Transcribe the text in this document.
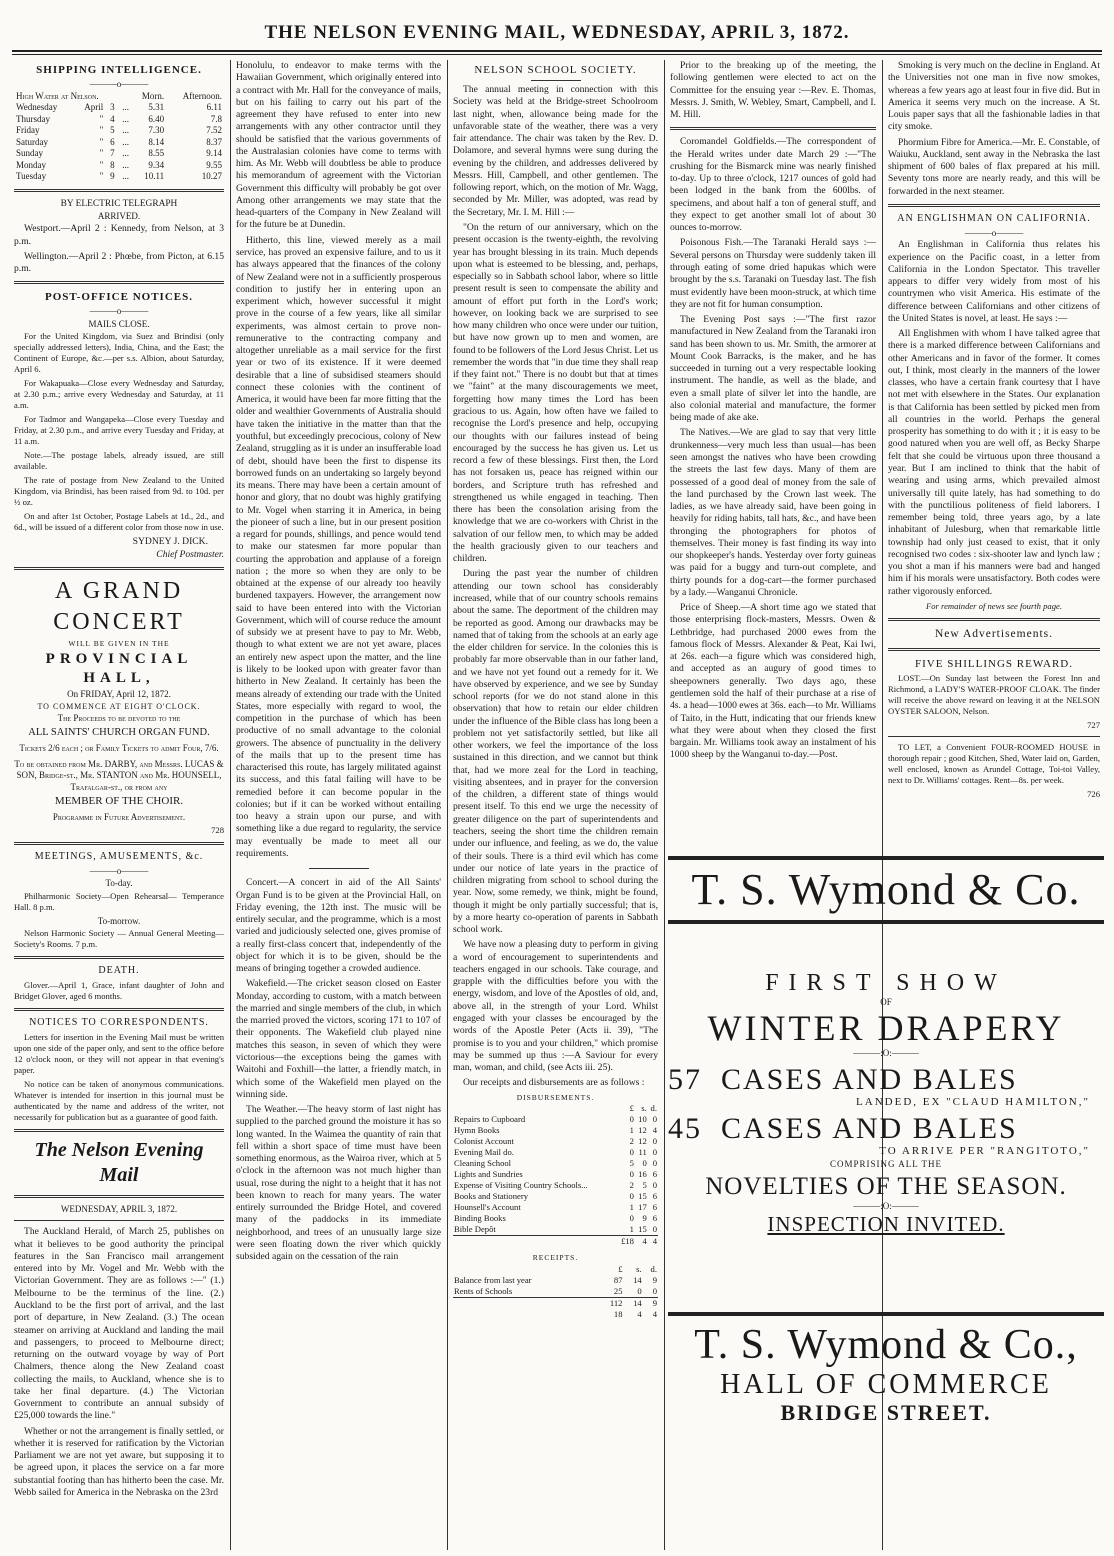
THE NELSON EVENING MAIL, WEDNESDAY, APRIL 3, 1872.
SHIPPING INTELLIGENCE.
———o———
High Water at Nelson.				Morn.	Afternoon.
Wednesday	April	3	...	5.31	6.11
Thursday	"	4	...	6.40	7.8
Friday	"	5	...	7.30	7.52
Saturday	"	6	...	8.14	8.37
Sunday	"	7	...	8.55	9.14
Monday	"	8	...	9.34	9.55
Tuesday	"	9	...	10.11	10.27
BY ELECTRIC TELEGRAPH
ARRIVED.

Westport.—April 2 : Kennedy, from Nelson, at 3 p.m.

Wellington.—April 2 : Phœbe, from Picton, at 6.15 p.m.

POST-OFFICE NOTICES.
———o———
MAILS CLOSE.

For the United Kingdom, via Suez and Brindisi (only specially addressed letters), India, China, and the East; the Continent of Europe, &c.—per s.s. Albion, about Saturday, April 6.

For Wakapuaka—Close every Wednesday and Saturday, at 2.30 p.m.; arrive every Wednesday and Saturday, at 11 a.m.

For Tadmor and Wangapeka—Close every Tuesday and Friday, at 2.30 p.m., and arrive every Tuesday and Friday, at 11 a.m.

Note.—The postage labels, already issued, are still available.

The rate of postage from New Zealand to the United Kingdom, via Brindisi, has been raised from 9d. to 10d. per ½ oz.

On and after 1st October, Postage Labels at 1d., 2d., and 6d., will be issued of a different color from those now in use.

SYDNEY J. DICK.
Chief Postmaster.
A GRAND CONCERT
WILL BE GIVEN IN THE
PROVINCIAL HALL,
On FRIDAY, April 12, 1872.
TO COMMENCE AT EIGHT O'CLOCK.
The Proceeds to be devoted to the
ALL SAINTS' CHURCH ORGAN FUND.
Tickets 2/6 each ; or Family Tickets to admit Four, 7/6.
To be obtained from Mr. DARBY, and Messrs. LUCAS & SON, Bridge-st., Mr. STANTON and Mr. HOUNSELL, Trafalgar-st., or from any
MEMBER OF THE CHOIR.
Programme in Future Advertisement.
728
MEETINGS, AMUSEMENTS, &c.
———o———
To-day.

Philharmonic Society—Open Rehearsal— Temperance Hall. 8 p.m.

To-morrow.

Nelson Harmonic Society — Annual General Meeting—Society's Rooms. 7 p.m.

DEATH.

Glover.—April 1, Grace, infant daughter of John and Bridget Glover, aged 6 months.

NOTICES TO CORRESPONDENTS.

Letters for insertion in the Evening Mail must be written upon one side of the paper only, and sent to the office before 12 o'clock noon, or they will not appear in that evening's paper.

No notice can be taken of anonymous communications. Whatever is intended for insertion in this journal must be authenticated by the name and address of the writer, not necessarily for publication but as a guarantee of good faith.

The Nelson Evening Mail
WEDNESDAY, APRIL 3, 1872.

The Auckland Herald, of March 25, publishes on what it believes to be good authority the principal features in the San Francisco mail arrangement entered into by Mr. Vogel and Mr. Webb with the Victorian Government. They are as follows :—" (1.) Melbourne to be the terminus of the line. (2.) Auckland to be the first port of arrival, and the last port of departure, in New Zealand. (3.) The ocean steamer on arriving at Auckland and landing the mail and passengers, to proceed to Melbourne direct; returning on the outward voyage by way of Port Chalmers, thence along the New Zealand coast collecting the mails, to Auckland, whence she is to take her final departure. (4.) The Victorian Government to contribute an annual subsidy of £25,000 towards the line."

Whether or not the arrangement is finally settled, or whether it is reserved for ratification by the Victorian Parliament we are not yet aware, but supposing it to be agreed upon, it places the service on a far more substantial footing than has hitherto been the case. Mr. Webb sailed for America in the Nebraska on the 23rd

Honolulu, to endeavor to make terms with the Hawaiian Government, which originally entered into a contract with Mr. Hall for the conveyance of mails, but on his failing to carry out his part of the agreement they have refused to enter into new arrangements with any other contractor until they should be satisfied that the various governments of the Australasian colonies have come to terms with him. As Mr. Webb will doubtless be able to produce his memorandum of agreement with the Victorian Government this difficulty will probably be got over Among other arrangements we may state that the head-quarters of the Company in New Zealand will for the future be at Dunedin.

Hitherto, this line, viewed merely as a mail service, has proved an expensive failure, and to us it has always appeared that the finances of the colony of New Zealand were not in a sufficiently prosperous condition to justify her in entering upon an experiment which, however successful it might prove in the course of a few years, like all similar experiments, was almost certain to prove non-remunerative to the contracting company and altogether unreliable as a mail service for the first year or two of its existence. If it were deemed desirable that a line of subsidised steamers should connect these colonies with the continent of America, it would have been far more fitting that the older and wealthier Governments of Australia should have taken the initiative in the matter than that the youthful, but exceedingly precocious, colony of New Zealand, struggling as it is under an insufferable load of debt, should have been the first to dispense its borrowed funds on an undertaking so largely beyond its means. There may have been a certain amount of honor and glory, that no doubt was highly gratifying to Mr. Vogel when starring it in America, in being the pioneer of such a line, but in our present position a regard for pounds, shillings, and pence would tend to make our statesmen far more popular than courting the approbation and applause of a foreign nation ; the more so when they are only to be obtained at the expense of our already too heavily burdened taxpayers. However, the arrangement now said to have been entered into with the Victorian Government, which will of course reduce the amount of subsidy we at present have to pay to Mr. Webb, though to what extent we are not yet aware, places an entirely new aspect upon the matter, and the line is likely to be looked upon with greater favor than hitherto in New Zealand. It certainly has been the means already of extending our trade with the United States, more especially with regard to wool, the competition in the purchase of which has been productive of no small advantage to the colonial growers. The absence of punctuality in the delivery of the mails that up to the present time has characterised this route, has largely militated against its success, and this fatal failing will have to be remedied before it can become popular in the colonies; but if it can be worked without entailing too heavy a strain upon our purse, and with something like a due regard to regularity, the service may eventually be made to meet all our requirements.

Concert.—A concert in aid of the All Saints' Organ Fund is to be given at the Provincial Hall, on Friday evening, the 12th inst. The music will be entirely secular, and the programme, which is a most varied and judiciously selected one, gives promise of a really first-class concert that, independently of the object for which it is to be given, should be the means of bringing together a crowded audience.

Wakefield.—The cricket season closed on Easter Monday, according to custom, with a match between the married and single members of the club, in which the married proved the victors, scoring 171 to 107 of their opponents. The Wakefield club played nine matches this season, in seven of which they were victorious—the exceptions being the games with Waitohi and Foxhill—the latter, a friendly match, in which some of the Wakefield men played on the winning side.

The Weather.—The heavy storm of last night has supplied to the parched ground the moisture it has so long wanted. In the Waimea the quantity of rain that fell within a short space of time must have been something enormous, as the Wairoa river, which at 5 o'clock in the afternoon was not much higher than usual, rose during the night to a height that it has not been known to reach for many years. The water entirely surrounded the Bridge Hotel, and covered many of the paddocks in its immediate neighborhood, and trees of an unusually large size were seen floating down the river which quickly subsided again on the cessation of the rain

NELSON SCHOOL SOCIETY.

The annual meeting in connection with this Society was held at the Bridge-street Schoolroom last night, when, allowance being made for the unfavorable state of the weather, there was a very fair attendance. The chair was taken by the Rev. D. Dolamore, and several hymns were sung during the evening by the children, and addresses delivered by Messrs. Hill, Campbell, and other gentlemen. The following report, which, on the motion of Mr. Wagg, seconded by Mr. Miller, was adopted, was read by the Secretary, Mr. I. M. Hill :—

"On the return of our anniversary, which on the present occasion is the twenty-eighth, the revolving year has brought blessing in its train. Much depends upon what is esteemed to be blessing, and, perhaps, especially so in Sabbath school labor, where so little present result is seen to compensate the ability and amount of effort put forth in the Lord's work; however, on looking back we are surprised to see how many children who once were under our tuition, but have now grown up to men and women, are found to be followers of the Lord Jesus Christ. Let us remember the words that "in due time they shall reap if they faint not." There is no doubt but that at times we "faint" at the many discouragements we meet, forgetting how many times the Lord has been gracious to us. Again, how often have we failed to recognise the Lord's presence and help, occupying our thoughts with our failures instead of being encouraged by the success he has given us. Let us record a few of these blessings. First then, the Lord has not forsaken us, peace has reigned within our borders, and Scripture truth has refreshed and strengthened us while engaged in teaching. Then there has been the consolation arising from the knowledge that we are co-workers with Christ in the salvation of our fellow men, to which may be added the health graciously given to our teachers and children.

During the past year the number of children attending our town school has considerably increased, while that of our country schools remains about the same. The deportment of the children may be reported as good. Among our drawbacks may be named that of taking from the schools at an early age the elder children for service. In the colonies this is probably far more observable than in our father land, and we have not yet found out a remedy for it. We have observed by experience, and we see by Sunday school reports (for we do not stand alone in this observation) that how to retain our elder children under the influence of the Bible class has long been a problem not yet satisfactorily settled, but like all other workers, we feel the importance of the loss sustained in this direction, and we cannot but think that, had we more zeal for the Lord in teaching, visiting absentees, and in prayer for the conversion of the children, a different state of things would present itself. To this end we urge the necessity of greater diligence on the part of superintendents and teachers, seeing the short time the children remain under our influence, and feeling, as we do, the value of their souls. There is a third evil which has come under our notice of late years in the practice of children migrating from school to school during the year. Now, some remedy, we think, might be found, though it might be only partially successful; that is, by a more hearty co-operation of parents in Sabbath school work.

We have now a pleasing duty to perform in giving a word of encouragement to superintendents and teachers engaged in our schools. Take courage, and grapple with the difficulties before you with the energy, wisdom, and love of the Apostles of old, and, above all, in the strength of your Lord. Whilst engaged with your classes be encouraged by the words of the Apostle Peter (Acts ii. 39), "The promise is to you and your children," which promise may be summed up thus :—A Saviour for every man, woman, and child, (see Acts iii. 25).

Our receipts and disbursements are as follows :

DISBURSEMENTS.
	£	s.	d.
Repairs to Cupboard	0	10	0
Hymn Books	1	12	4
Colonist Account	2	12	0
Evening Mail do.	0	11	0
Cleaning School	5	0	0
Lights and Sundries	0	16	6
Expense of Visiting Country Schools...	2	5	0
Books and Stationery	0	15	6
Hounsell's Account	1	17	6
Binding Books	0	9	6
Bible Depôt	1	15	0
	£18	4	4
RECEIPTS.
	£	s.	d.
Balance from last year	87	14	9
Rents of Schools	25	0	0
	112	14	9
	18	4	4

Prior to the breaking up of the meeting, the following gentlemen were elected to act on the Committee for the ensuing year :—Rev. E. Thomas, Messrs. J. Smith, W. Webley, Smart, Campbell, and I. M. Hill.

Coromandel Goldfields.—The correspondent of the Herald writes under date March 29 :—"The crushing for the Bismarck mine was nearly finished to-day. Up to three o'clock, 1217 ounces of gold had been lodged in the bank from the 600lbs. of specimens, and about half a ton of general stuff, and they expect to get another small lot of about 30 ounces to-morrow.

Poisonous Fish.—The Taranaki Herald says :—Several persons on Thursday were suddenly taken ill through eating of some dried hapukas which were brought by the s.s. Taranaki on Tuesday last. The fish must evidently have been moon-struck, at which time they are not fit for human consumption.

The Evening Post says :—"The first razor manufactured in New Zealand from the Taranaki iron sand has been shown to us. Mr. Smith, the armorer at Mount Cook Barracks, is the maker, and he has succeeded in turning out a very respectable looking instrument. The handle, as well as the blade, and even a small plate of silver let into the handle, are also colonial material and manufacture, the former being made of ake ake.

The Natives.—We are glad to say that very little drunkenness—very much less than usual—has been seen amongst the natives who have been crowding the streets the last few days. Many of them are possessed of a good deal of money from the sale of the land purchased by the Crown last week. The ladies, as we have already said, have been going in heavily for riding habits, tall hats, &c., and have been thronging the photographers for photos of themselves. Their money is fast finding its way into our shopkeeper's hands. Yesterday over forty guineas was paid for a buggy and turn-out complete, and thirty pounds for a dog-cart—the former purchased by a lady.—Wanganui Chronicle.

Price of Sheep.—A short time ago we stated that those enterprising flock-masters, Messrs. Owen & Lethbridge, had purchased 2000 ewes from the famous flock of Messrs. Alexander & Peat, Kai Iwi, at 26s. each—a figure which was considered high, and accepted as an augury of good times to sheepowners generally. Two days ago, these gentlemen sold the half of their purchase at a rise of 4s. a head—1000 ewes at 36s. each—to Mr. Williams of Taito, in the Hutt, indicating that our friends knew what they were about when they closed the first bargain. Mr. Williams took away an instalment of his 1000 sheep by the Wanganui to-day.—Post.

Smoking is very much on the decline in England. At the Universities not one man in five now smokes, whereas a few years ago at least four in five did. But in America it seems very much on the increase. A St. Louis paper says that all the fashionable ladies in that city smoke.

Phormium Fibre for America.—Mr. E. Constable, of Waiuku, Auckland, sent away in the Nebraska the last shipment of 600 bales of flax prepared at his mill. Seventy tons more are nearly ready, and this will be forwarded in the next steamer.

AN ENGLISHMAN ON CALIFORNIA.
———o———

An Englishman in California thus relates his experience on the Pacific coast, in a letter from California in the London Spectator. This traveller appears to differ very widely from most of his countrymen who visit America. His estimate of the difference between Californians and other citizens of the United States is novel, at least. He says :—

All Englishmen with whom I have talked agree that there is a marked difference between Californians and other Americans and in favor of the former. It comes out, I think, most clearly in the manners of the lower classes, who have a certain frank courtesy that I have not met with elsewhere in the States. Our explanation is that California has been settled by picked men from all countries in the world. Perhaps the general prosperity has something to do with it ; it is easy to be good natured when you are well off, as Becky Sharpe felt that she could be virtuous upon three thousand a year. But I am inclined to think that the habit of wearing and using arms, which prevailed almost universally till quite lately, has had something to do with the punctilious politeness of field laborers. I remember being told, three years ago, by a late inhabitant of Julesburg, when that remarkable little township had only just ceased to exist, that it only recognised two codes : six-shooter law and lynch law ; you shot a man if his manners were bad and hanged him if his morals were unsatisfactory. Both codes were rather vigorously enforced.

For remainder of news see fourth page.
New Advertisements.
FIVE SHILLINGS REWARD.

LOST.—On Sunday last between the Forest Inn and Richmond, a LADY'S WATER-PROOF CLOAK. The finder will receive the above reward on leaving it at the NELSON OYSTER SALOON, Nelson.

727

TO LET, a Convenient FOUR-ROOMED HOUSE in thorough repair ; good Kitchen, Shed, Water laid on, Garden, well enclosed, known as Arundel Cottage, Toi-toi Valley, next to Dr. Williams' cottages. Rent—8s. per week.

726
T. S. Wymond & Co.
FIRST SHOW
OF
WINTER DRAPERY
———:O:———
57 CASES AND BALES
LANDED, EX "CLAUD HAMILTON,"
45 CASES AND BALES
TO ARRIVE PER "RANGITOTO,"
COMPRISING ALL THE
NOVELTIES OF THE SEASON.
———:O:———
INSPECTION INVITED.
T. S. Wymond & Co.,
HALL OF COMMERCE
BRIDGE STREET.
